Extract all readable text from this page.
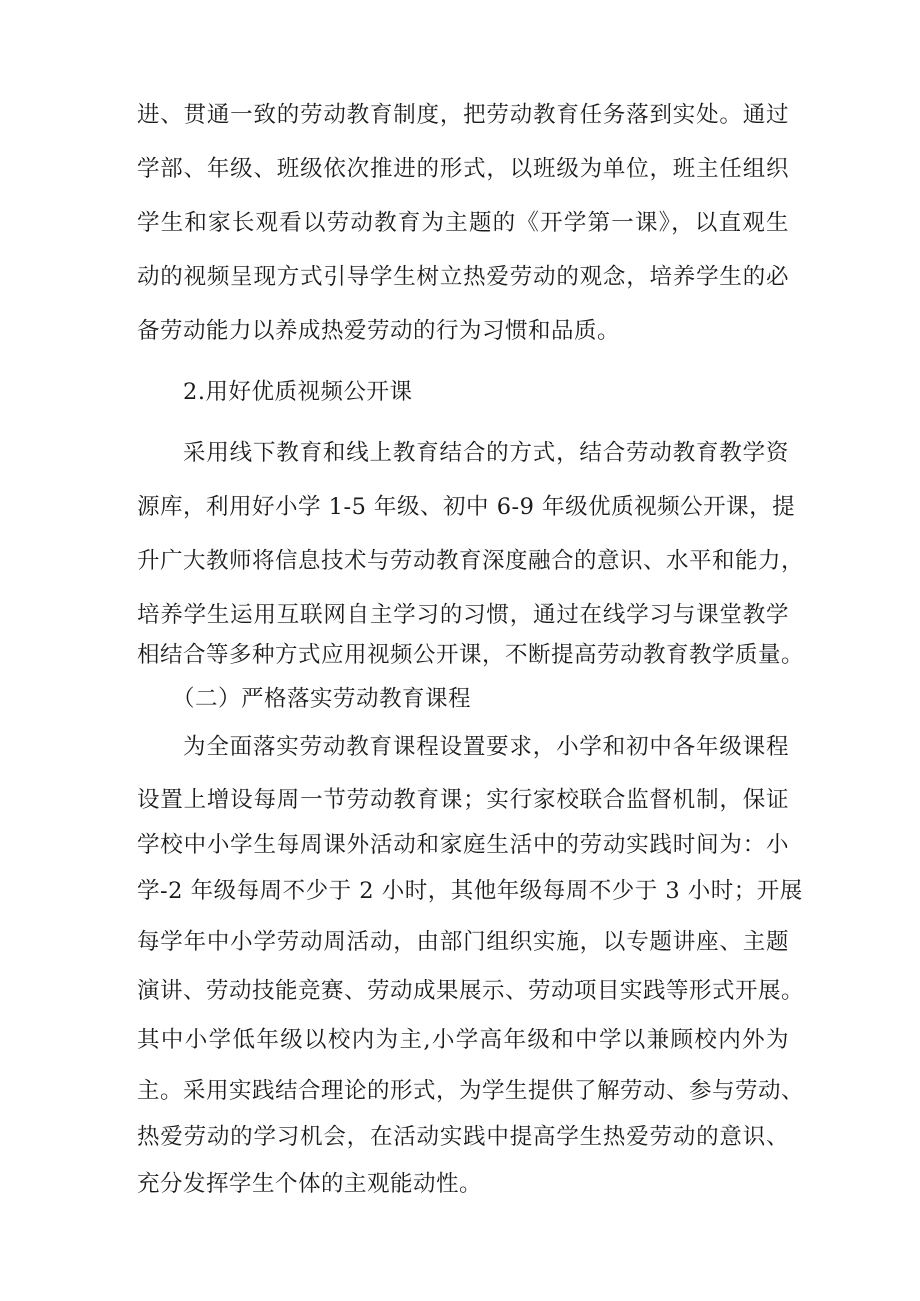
进、贯通一致的劳动教育制度，把劳动教育任务落到实处。通过
学部、年级、班级依次推进的形式，以班级为单位，班主任组织
学生和家长观看以劳动教育为主题的《开学第一课》，以直观生
动的视频呈现方式引导学生树立热爱劳动的观念，培养学生的必
备劳动能力以养成热爱劳动的行为习惯和品质。
2.用好优质视频公开课
采用线下教育和线上教育结合的方式，结合劳动教育教学资
源库，利用好小学 1-5 年级、初中 6-9 年级优质视频公开课，提
升广大教师将信息技术与劳动教育深度融合的意识、水平和能力，
培养学生运用互联网自主学习的习惯，通过在线学习与课堂教学
相结合等多种方式应用视频公开课，不断提高劳动教育教学质量。
（二）严格落实劳动教育课程
为全面落实劳动教育课程设置要求，小学和初中各年级课程
设置上增设每周一节劳动教育课；实行家校联合监督机制，保证
学校中小学生每周课外活动和家庭生活中的劳动实践时间为：小
学-2 年级每周不少于 2 小时，其他年级每周不少于 3 小时；开展
每学年中小学劳动周活动，由部门组织实施，以专题讲座、主题
演讲、劳动技能竞赛、劳动成果展示、劳动项目实践等形式开展。
其中小学低年级以校内为主,小学高年级和中学以兼顾校内外为
主。采用实践结合理论的形式，为学生提供了解劳动、参与劳动、
热爱劳动的学习机会，在活动实践中提高学生热爱劳动的意识、
充分发挥学生个体的主观能动性。
